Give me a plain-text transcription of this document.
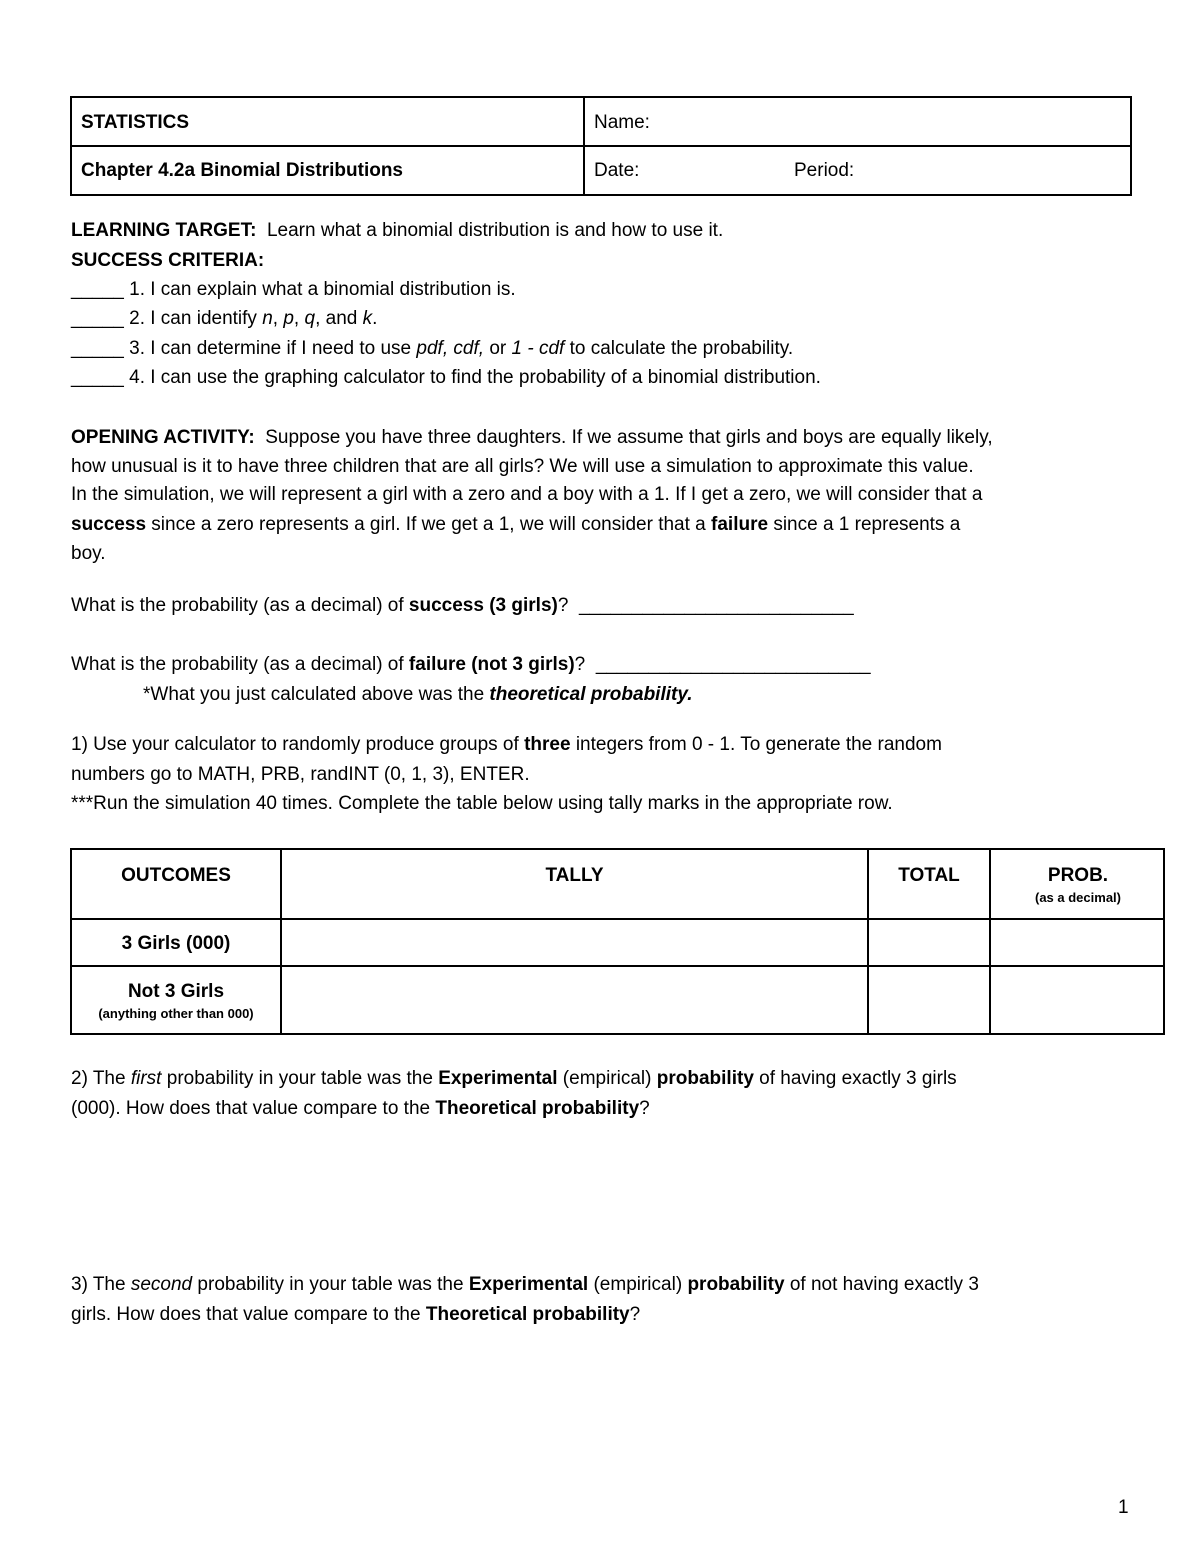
STATISTICS	Name:
Chapter 4.2a Binomial Distributions	Date:	Period:
LEARNING TARGET: Learn what a binomial distribution is and how to use it.
SUCCESS CRITERIA:
_____ 1. I can explain what a binomial distribution is.
_____ 2. I can identify n, p, q, and k.
_____ 3. I can determine if I need to use pdf, cdf, or 1 - cdf to calculate the probability.
_____ 4. I can use the graphing calculator to find the probability of a binomial distribution.
OPENING ACTIVITY: Suppose you have three daughters. If we assume that girls and boys are equally likely,
how unusual is it to have three children that are all girls? We will use a simulation to approximate this value.
In the simulation, we will represent a girl with a zero and a boy with a 1. If I get a zero, we will consider that a
success since a zero represents a girl. If we get a 1, we will consider that a failure since a 1 represents a
boy.
What is the probability (as a decimal) of success (3 girls)? __________________________
What is the probability (as a decimal) of failure (not 3 girls)? __________________________
*What you just calculated above was the theoretical probability.
1) Use your calculator to randomly produce groups of three integers from 0 - 1. To generate the random
numbers go to MATH, PRB, randINT (0, 1, 3), ENTER.
***Run the simulation 40 times. Complete the table below using tally marks in the appropriate row.
OUTCOMES	TALLY	TOTAL	PROB.
(as a decimal)
3 Girls (000)
Not 3 Girls
(anything other than 000)
2) The first probability in your table was the Experimental (empirical) probability of having exactly 3 girls
(000). How does that value compare to the Theoretical probability?
3) The second probability in your table was the Experimental (empirical) probability of not having exactly 3
girls. How does that value compare to the Theoretical probability?
1
